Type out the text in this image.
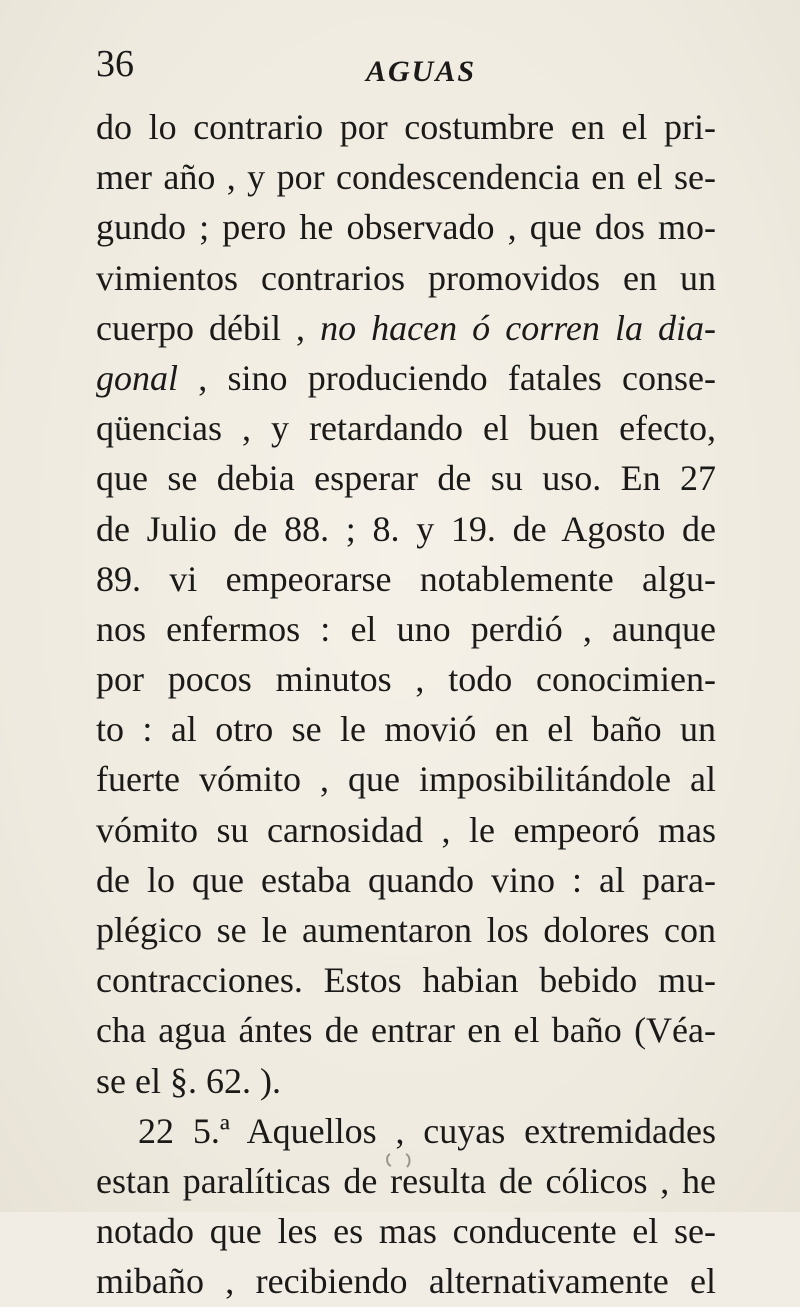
36	AGUAS
do lo contrario por costumbre en el pri-
mer año , y por condescendencia en el se-
gundo ; pero he observado , que dos mo-
vimientos contrarios promovidos en un
cuerpo débil , no hacen ó corren la dia-
gonal , sino produciendo fatales conse-
qüencias , y retardando el buen efecto,
que se debia esperar de su uso. En 27
de Julio de 88. ; 8. y 19. de Agosto de
89. vi empeorarse notablemente algu-
nos enfermos : el uno perdió , aunque
por pocos minutos , todo conocimien-
to : al otro se le movió en el baño un
fuerte vómito , que imposibilitándole al
vómito su carnosidad , le empeoró mas
de lo que estaba quando vino : al para-
plégico se le aumentaron los dolores con
contracciones. Estos habian bebido mu-
cha agua ántes de entrar en el baño (Véa-
se el §. 62. ).
22 5.ª Aquellos , cuyas extremidades
estan paralíticas de resulta de cólicos , he
notado que les es mas conducente el se-
mibaño , recibiendo alternativamente el
